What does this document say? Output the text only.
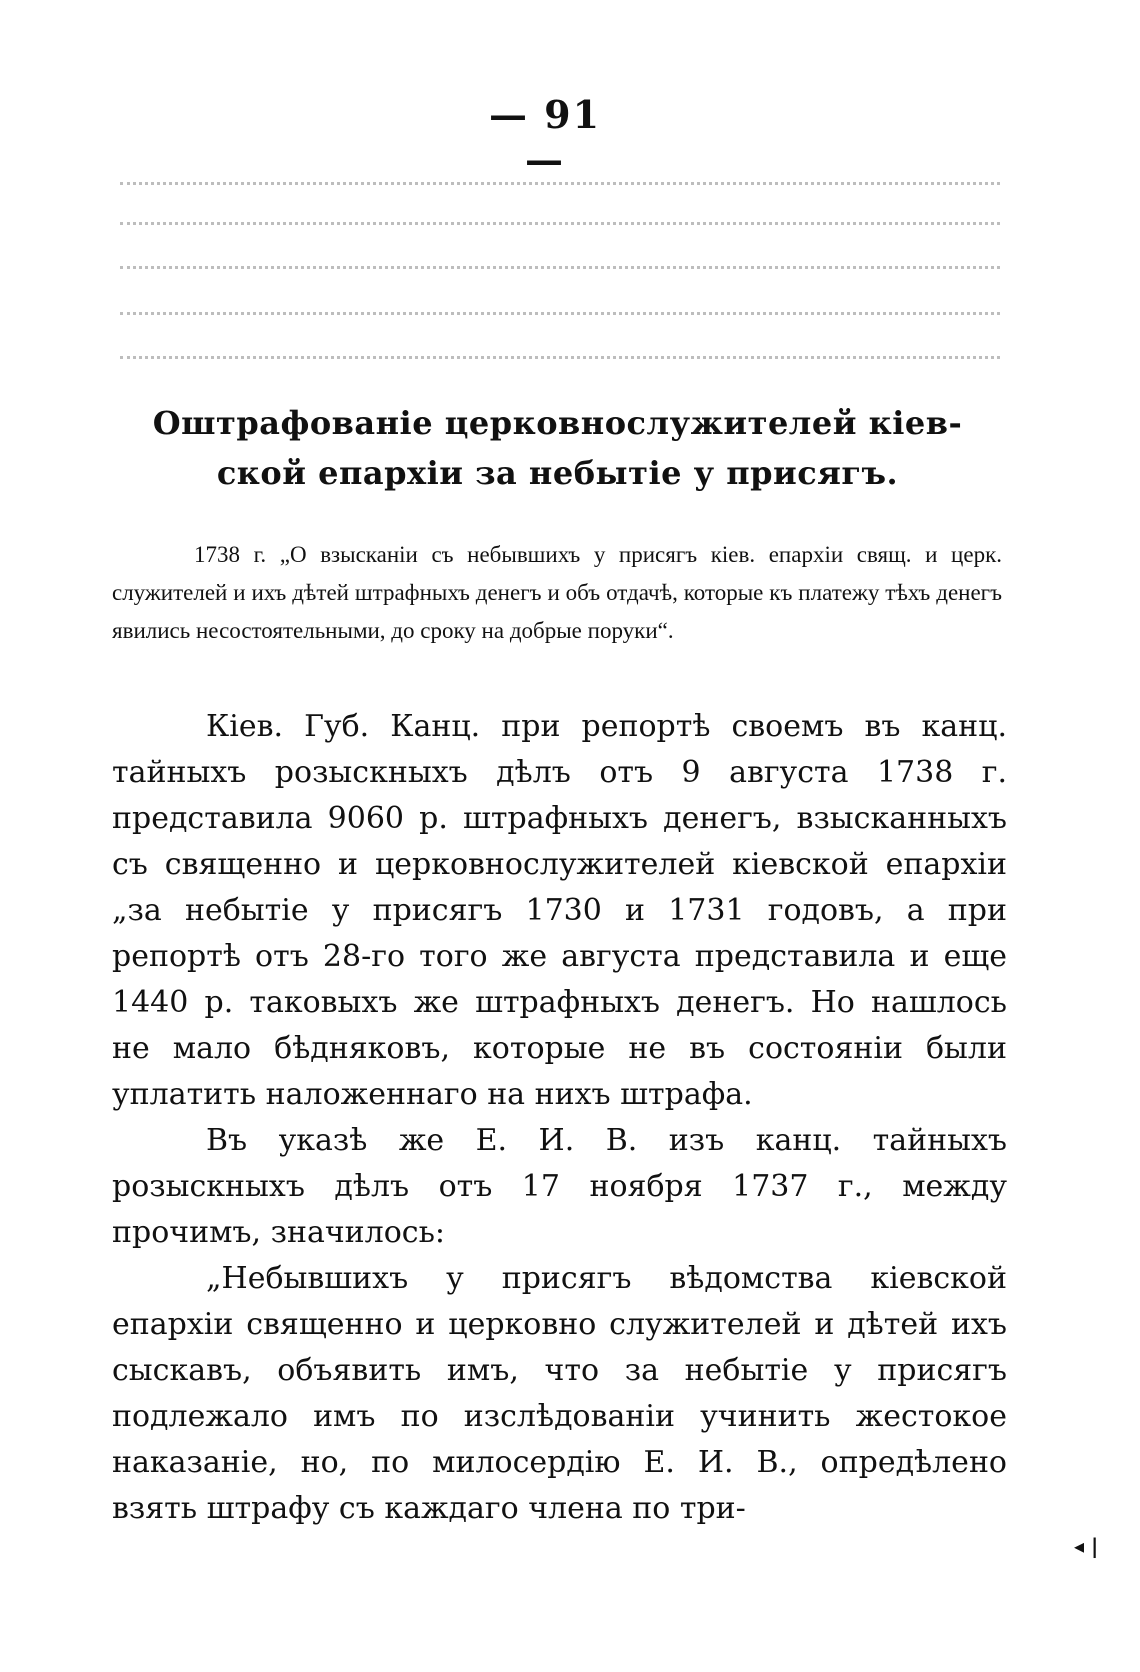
— 91 —
Оштрафованіе церковнослужителей кіев-
ской епархіи за небытіе у присягъ.
1738 г. „О взысканіи съ небывшихъ у присягъ кіев. епархіи свящ. и церк. служителей и ихъ дѣтей штрафныхъ денегъ и объ отдачѣ, которые къ платежу тѣхъ денегъ явились несостоятельными, до сроку на добрые поруки“.

Кіев. Губ. Канц. при репортѣ своемъ въ канц. тайныхъ розыскныхъ дѣлъ отъ 9 августа 1738 г. представила 9060 р. штрафныхъ денегъ, взысканныхъ съ священно и церковнослужителей кіевской епархіи „за небытіе у присягъ 1730 и 1731 годовъ, а при репортѣ отъ 28-го того же августа представила и еще 1440 р. таковыхъ же штрафныхъ денегъ. Но нашлось не мало бѣдняковъ, которые не въ состояніи были уплатить наложеннаго на нихъ штрафа.

Въ указѣ же Е. И. В. изъ канц. тайныхъ розыскныхъ дѣлъ отъ 17 ноября 1737 г., между прочимъ, значилось:

„Небывшихъ у присягъ вѣдомства кіевской епархіи священно и церковно служителей и дѣтей ихъ сыскавъ, объявить имъ, что за небытіе у присягъ подлежало имъ по изслѣдованіи учинить жестокое наказаніе, но, по милосердію Е. И. В., опредѣлено взять штрафу съ каждаго члена по три-

◂ |
